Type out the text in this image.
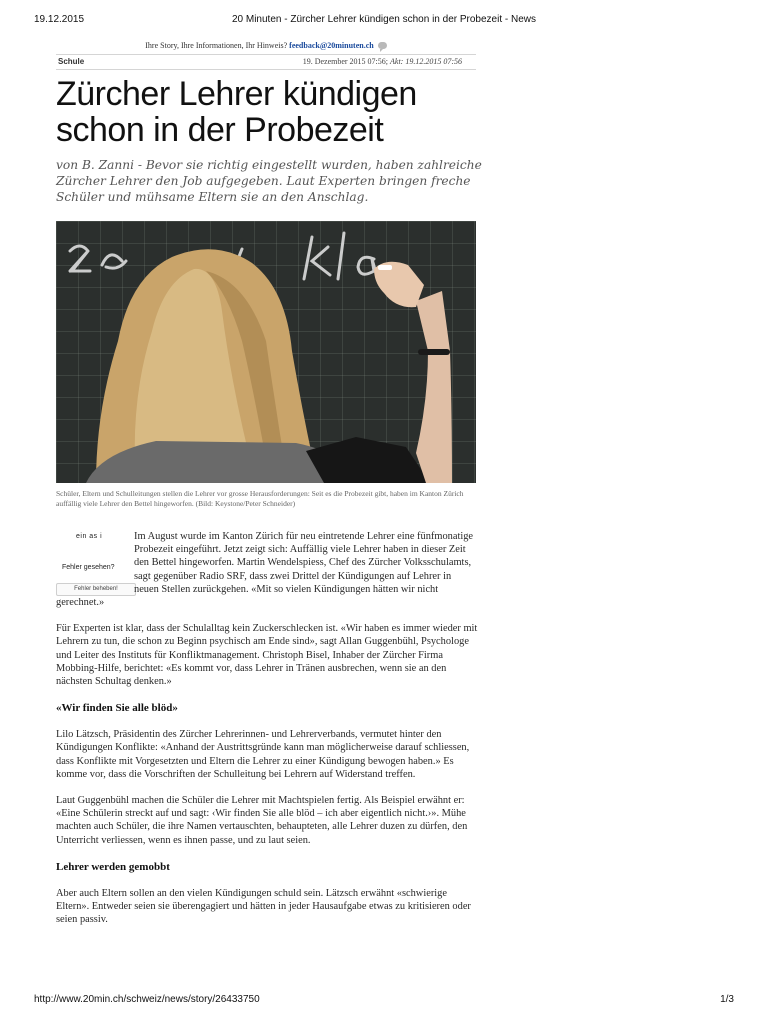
19.12.2015	20 Minuten - Zürcher Lehrer kündigen schon in der Probezeit - News
Ihre Story, Ihre Informationen, Ihr Hinweis? feedback@20minuten.ch
Schule	19. Dezember 2015 07:56; Akt: 19.12.2015 07:56
Zürcher Lehrer kündigen schon in der Probezeit

von B. Zanni - Bevor sie richtig eingestellt wurden, haben zahlreiche Zürcher Lehrer den Job aufgegeben. Laut Experten bringen freche Schüler und mühsame Eltern sie an den Anschlag.

Schüler, Eltern und Schulleitungen stellen die Lehrer vor grosse Herausforderungen: Seit es die Probezeit gibt, haben im Kanton Zürich auffällig viele Lehrer den Bettel hingeworfen. (Bild: Keystone/Peter Schneider)

ein as i
Fehler gesehen?
Fehler beheben!

Im August wurde im Kanton Zürich für neu eintretende Lehrer eine fünfmonatige Probezeit eingeführt. Jetzt zeigt sich: Auffällig viele Lehrer haben in dieser Zeit den Bettel hingeworfen. Martin Wendelspiess, Chef des Zürcher Volksschulamts, sagt gegenüber Radio SRF, dass zwei Drittel der Kündigungen auf Lehrer in neuen Stellen zurückgehen. «Mit so vielen Kündigungen hätten wir nicht gerechnet.»

Für Experten ist klar, dass der Schulalltag kein Zuckerschlecken ist. «Wir haben es immer wieder mit Lehrern zu tun, die schon zu Beginn psychisch am Ende sind», sagt Allan Guggenbühl, Psychologe und Leiter des Instituts für Konfliktmanagement. Christoph Bisel, Inhaber der Zürcher Firma Mobbing-Hilfe, berichtet: «Es kommt vor, dass Lehrer in Tränen ausbrechen, wenn sie an den nächsten Schultag denken.»

«Wir finden Sie alle blöd»

Lilo Lätzsch, Präsidentin des Zürcher Lehrerinnen- und Lehrerverbands, vermutet hinter den Kündigungen Konflikte: «Anhand der Austrittsgründe kann man möglicherweise darauf schliessen, dass Konflikte mit Vorgesetzten und Eltern die Lehrer zu einer Kündigung bewogen haben.» Es komme vor, dass die Vorschriften der Schulleitung bei Lehrern auf Widerstand treffen.

Laut Guggenbühl machen die Schüler die Lehrer mit Machtspielen fertig. Als Beispiel erwähnt er: «Eine Schülerin streckt auf und sagt: ‹Wir finden Sie alle blöd – ich aber eigentlich nicht.›». Mühe machten auch Schüler, die ihre Namen vertauschten, behaupteten, alle Lehrer duzen zu dürfen, den Unterricht verliessen, wenn es ihnen passe, und zu laut seien.

Lehrer werden gemobbt

Aber auch Eltern sollen an den vielen Kündigungen schuld sein. Lätzsch erwähnt «schwierige Eltern». Entweder seien sie überengagiert und hätten in jeder Hausaufgabe etwas zu kritisieren oder seien passiv.

http://www.20min.ch/schweiz/news/story/26433750	1/3
